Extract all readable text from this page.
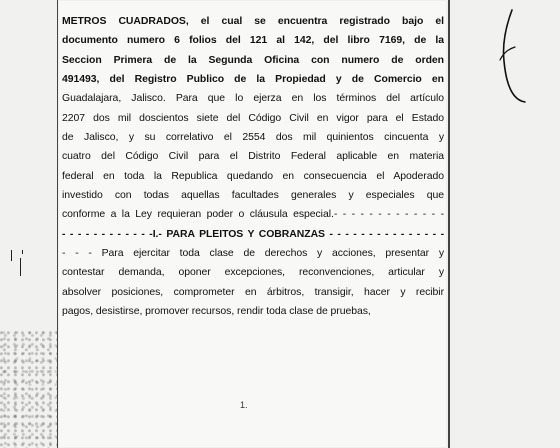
METROS CUADRADOS, el cual se encuentra registrado bajo el
documento numero 6 folios del 121 al 142, del libro 7169, de la
Seccion Primera de la Segunda Oficina con numero de orden
491493, del Registro Publico de la Propiedad y de Comercio en
Guadalajara, Jalisco. Para que lo ejerza en los términos del artículo
2207 dos mil doscientos siete del Código Civil en vigor para el Estado
de Jalisco, y su correlativo el 2554 dos mil quinientos cincuenta y
cuatro del Código Civil para el Distrito Federal aplicable en materia
federal en toda la Republica quedando en consecuencia el Apoderado
investido con todas aquellas facultades generales y especiales que
conforme a la Ley requieran poder o cláusula especial.- - - - - - - - - - - - -
- - - - - - - - - - - -I.- PARA PLEITOS Y COBRANZAS - - - - - - - - - - - - - - -
- - - Para ejercitar toda clase de derechos y acciones, presentar y
contestar demanda, oponer excepciones, reconvenciones, articular y
absolver posiciones, comprometer en árbitros, transigir, hacer y recibir
pagos, desistirse, promover recursos, rendir toda clase de pruebas,
1.
